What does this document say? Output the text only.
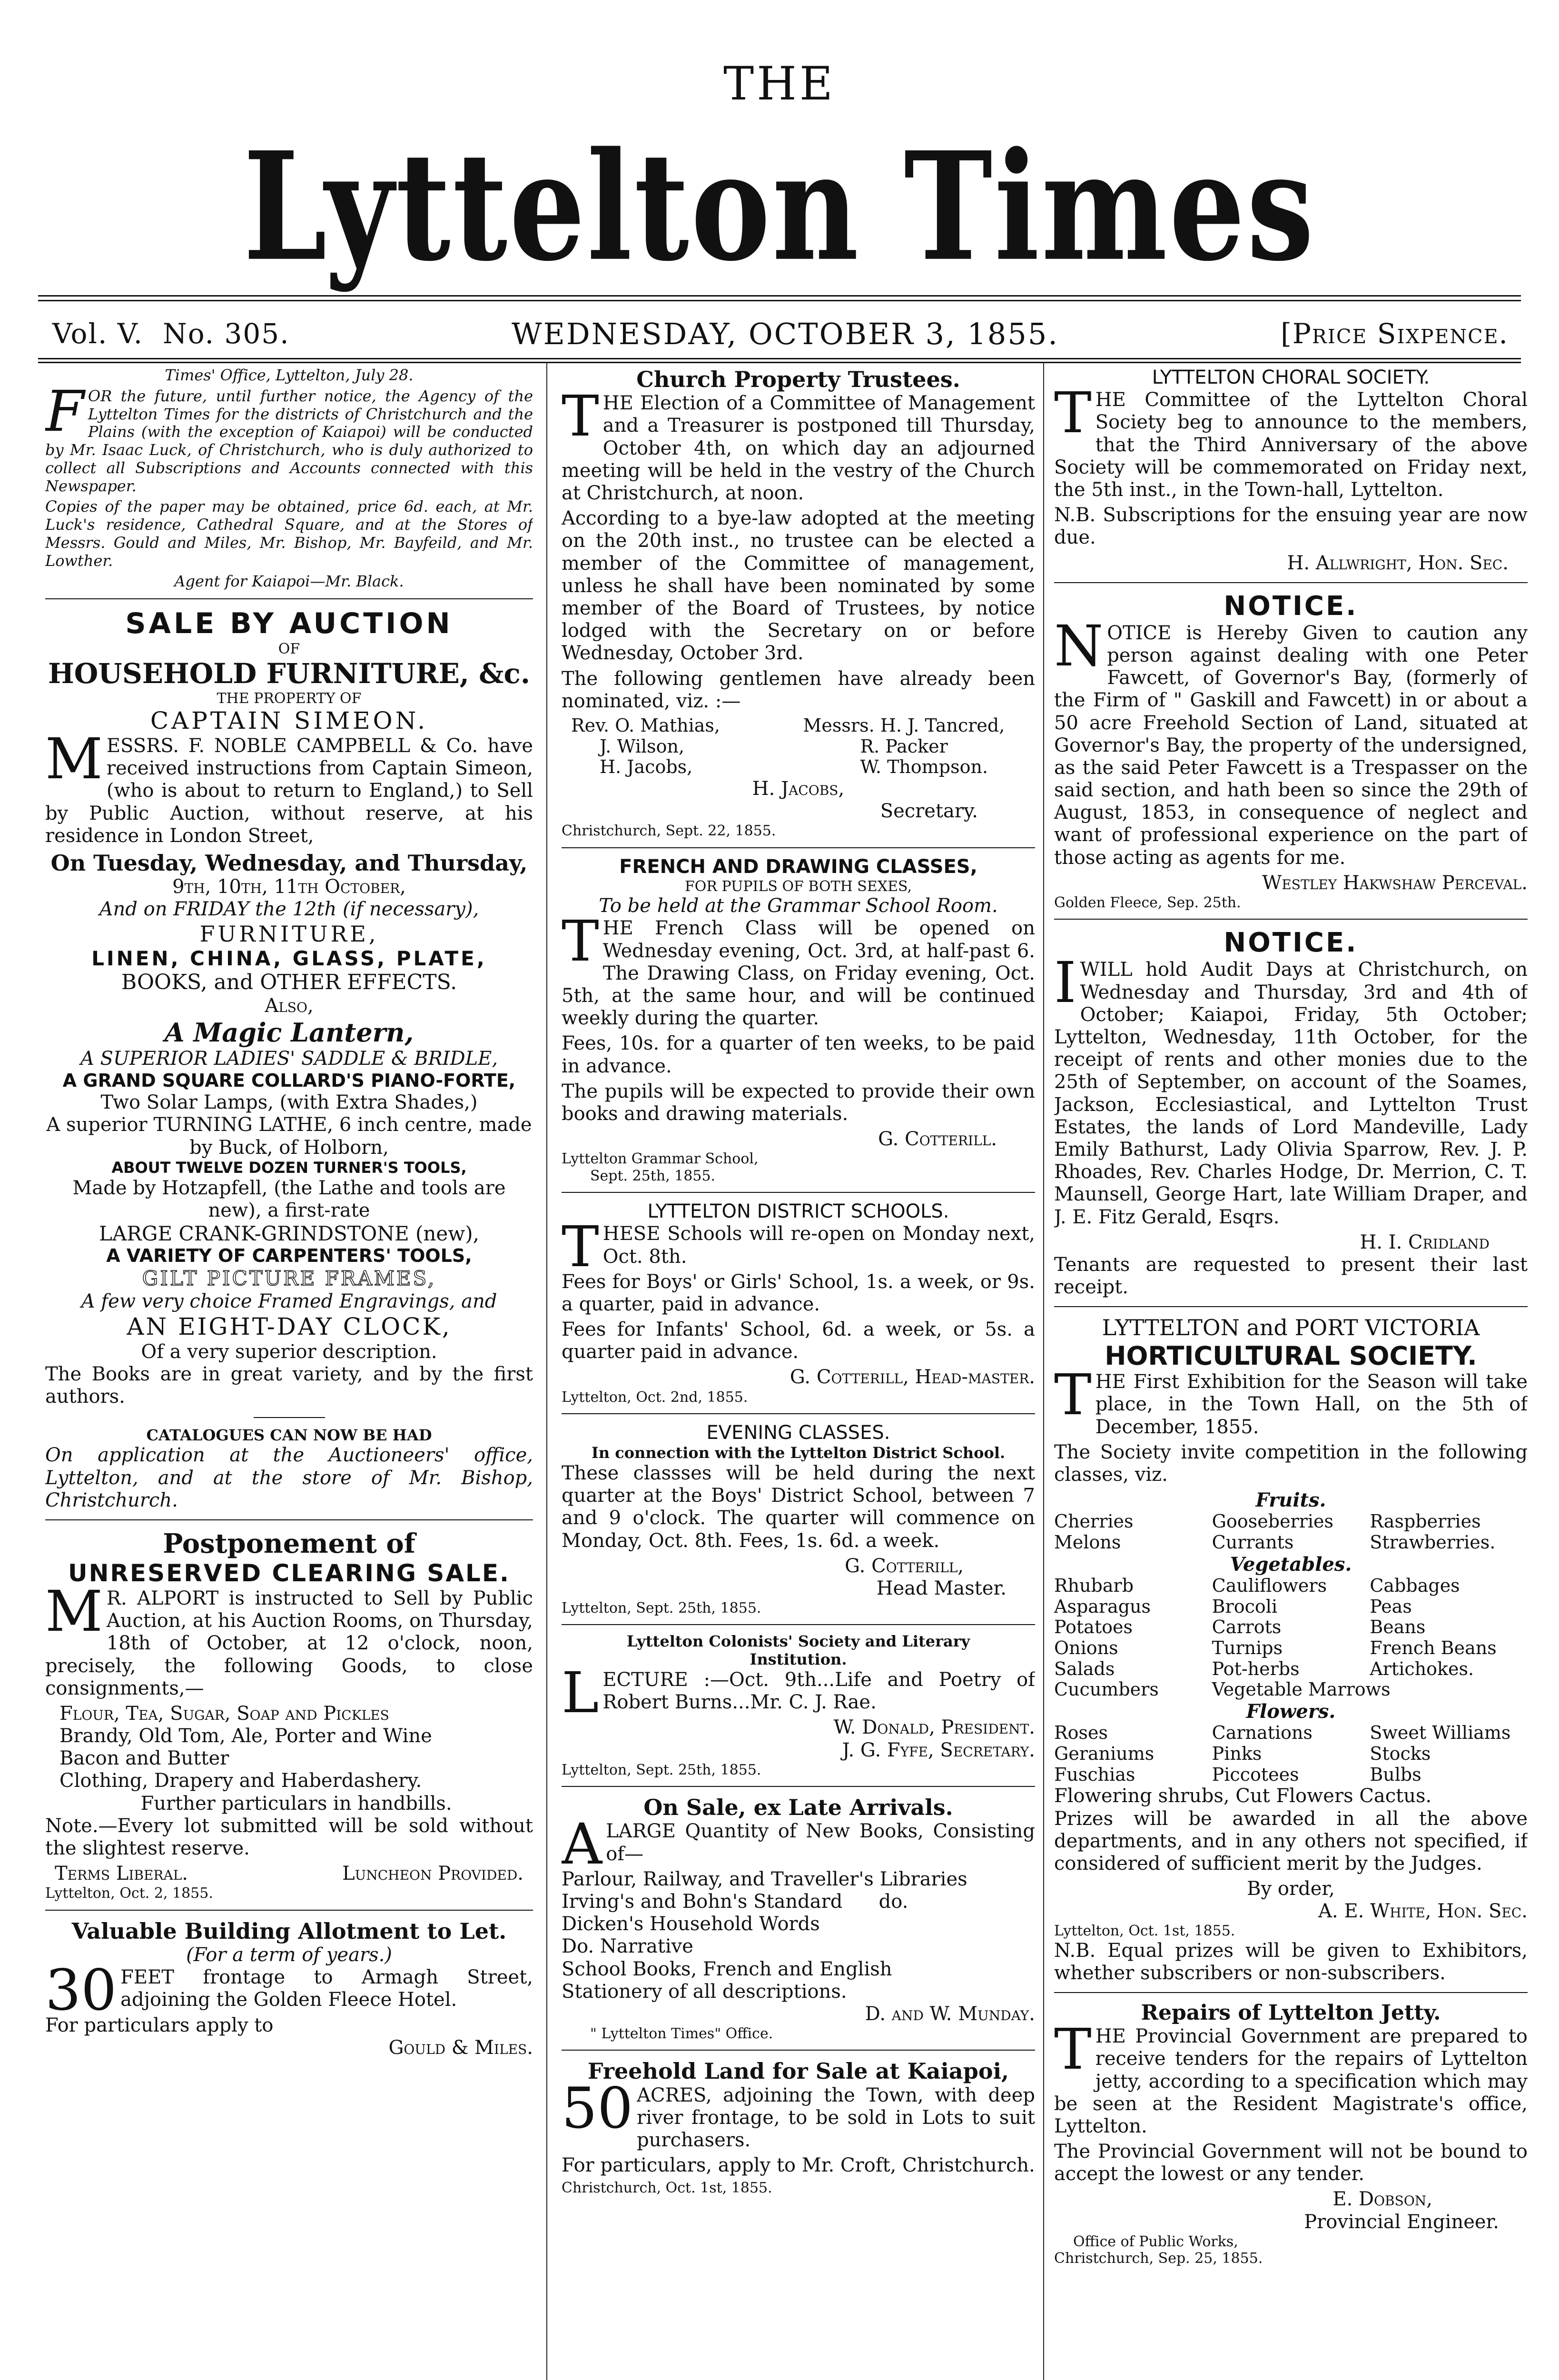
THE
Lyttelton Times
Vol. V. No. 305.	WEDNESDAY, OCTOBER 3, 1855.	[Price Sixpence.

Times' Office, Lyttelton, July 28.

FOR the future, until further notice, the Agency of the Lyttelton Times for the districts of Christchurch and the Plains (with the exception of Kaiapoi) will be conducted by Mr. Isaac Luck, of Christchurch, who is duly authorized to collect all Subscriptions and Accounts connected with this Newspaper.

Copies of the paper may be obtained, price 6d. each, at Mr. Luck's residence, Cathedral Square, and at the Stores of Messrs. Gould and Miles, Mr. Bishop, Mr. Bayfeild, and Mr. Lowther.

Agent for Kaiapoi—Mr. Black.

SALE BY AUCTION
OF
HOUSEHOLD FURNITURE, &c.
THE PROPERTY OF
CAPTAIN SIMEON.

MESSRS. F. NOBLE CAMPBELL & Co. have received instructions from Captain Simeon, (who is about to return to England,) to Sell by Public Auction, without reserve, at his residence in London Street,

On Tuesday, Wednesday, and Thursday,
9th, 10th, 11th October,
And on FRIDAY the 12th (if necessary),
FURNITURE,
LINEN, CHINA, GLASS, PLATE,
BOOKS, and OTHER EFFECTS.
Also,
A Magic Lantern,
A SUPERIOR LADIES' SADDLE & BRIDLE,
A GRAND SQUARE COLLARD'S PIANO-FORTE,
Two Solar Lamps, (with Extra Shades,)
A superior TURNING LATHE, 6 inch centre, made by Buck, of Holborn,
ABOUT TWELVE DOZEN TURNER'S TOOLS,
Made by Hotzapfell, (the Lathe and tools are new), a first-rate
LARGE CRANK-GRINDSTONE (new),
A VARIETY OF CARPENTERS' TOOLS,
GILT PICTURE FRAMES,
A few very choice Framed Engravings, and
AN EIGHT-DAY CLOCK,
Of a very superior description.

The Books are in great variety, and by the first authors.

CATALOGUES CAN NOW BE HAD

On application at the Auctioneers' office, Lyttelton, and at the store of Mr. Bishop, Christchurch.

Postponement of
UNRESERVED CLEARING SALE.

M R. ALPORT is instructed to Sell by Public Auction, at his Auction Rooms, on Thursday, 18th of October, at 12 o'clock, noon, precisely, the following Goods, to close consignments,—

Flour, Tea, Sugar, Soap and Pickles
Brandy, Old Tom, Ale, Porter and Wine
Bacon and Butter
Clothing, Drapery and Haberdashery.
Further particulars in handbills.

Note.—Every lot submitted will be sold without the slightest reserve.

Terms Liberal.	Luncheon Provided.
Lyttelton, Oct. 2, 1855.
Valuable Building Allotment to Let.
(For a term of years.)

30 FEET frontage to Armagh Street, adjoining the Golden Fleece Hotel.

For particulars apply to
Gould & Miles.
Church Property Trustees.

THE Election of a Committee of Management and a Treasurer is postponed till Thursday, October 4th, on which day an adjourned meeting will be held in the vestry of the Church at Christchurch, at noon.

According to a bye-law adopted at the meeting on the 20th inst., no trustee can be elected a member of the Committee of management, unless he shall have been nominated by some member of the Board of Trustees, by notice lodged with the Secretary on or before Wednesday, October 3rd.

The following gentlemen have already been nominated, viz. :—

Rev. O. Mathias,	Messrs. H. J. Tancred,
J. Wilson,	R. Packer
H. Jacobs,	W. Thompson.
H. Jacobs,
Secretary.
Christchurch, Sept. 22, 1855.
FRENCH AND DRAWING CLASSES,
FOR PUPILS OF BOTH SEXES,
To be held at the Grammar School Room.

THE French Class will be opened on Wednesday evening, Oct. 3rd, at half-past 6. The Drawing Class, on Friday evening, Oct. 5th, at the same hour, and will be continued weekly during the quarter.

Fees, 10s. for a quarter of ten weeks, to be paid in advance.

The pupils will be expected to provide their own books and drawing materials.

G. Cotterill.
Lyttelton Grammar School,
Sept. 25th, 1855.
LYTTELTON DISTRICT SCHOOLS.

THESE Schools will re-open on Monday next, Oct. 8th.

Fees for Boys' or Girls' School, 1s. a week, or 9s. a quarter, paid in advance.

Fees for Infants' School, 6d. a week, or 5s. a quarter paid in advance.

G. Cotterill, Head-master.
Lyttelton, Oct. 2nd, 1855.
EVENING CLASSES.
In connection with the Lyttelton District School.

These classses will be held during the next quarter at the Boys' District School, between 7 and 9 o'clock. The quarter will commence on Monday, Oct. 8th. Fees, 1s. 6d. a week.

G. Cotterill,
Head Master.
Lyttelton, Sept. 25th, 1855.
Lyttelton Colonists' Society and Literary
Institution.

LECTURE :—Oct. 9th...Life and Poetry of Robert Burns...Mr. C. J. Rae.

W. Donald, President.
J. G. Fyfe, Secretary.
Lyttelton, Sept. 25th, 1855.
On Sale, ex Late Arrivals.

ALARGE Quantity of New Books, Consisting of—

Parlour, Railway, and Traveller's Libraries
Irving's and Bohn's Standard do.
Dicken's Household Words
Do. Narrative
School Books, French and English
Stationery of all descriptions.
D. and W. Munday.
" Lyttelton Times" Office.
Freehold Land for Sale at Kaiapoi,

50 ACRES, adjoining the Town, with deep river frontage, to be sold in Lots to suit purchasers.

For particulars, apply to Mr. Croft, Christchurch.

Christchurch, Oct. 1st, 1855.
LYTTELTON CHORAL SOCIETY.

THE Committee of the Lyttelton Choral Society beg to announce to the members, that the Third Anniversary of the above Society will be commemorated on Friday next, the 5th inst., in the Town-hall, Lyttelton.

N.B. Subscriptions for the ensuing year are now due.

H. Allwright, Hon. Sec.
NOTICE.

NOTICE is Hereby Given to caution any person against dealing with one Peter Fawcett, of Governor's Bay, (formerly of the Firm of " Gaskill and Fawcett) in or about a 50 acre Freehold Section of Land, situated at Governor's Bay, the property of the undersigned, as the said Peter Fawcett is a Trespasser on the said section, and hath been so since the 29th of August, 1853, in consequence of neglect and want of professional experience on the part of those acting as agents for me.

Westley Hakwshaw Perceval.
Golden Fleece, Sep. 25th.
NOTICE.

IWILL hold Audit Days at Christchurch, on Wednesday and Thursday, 3rd and 4th of October; Kaiapoi, Friday, 5th October; Lyttelton, Wednesday, 11th October, for the receipt of rents and other monies due to the 25th of September, on account of the Soames, Jackson, Ecclesiastical, and Lyttelton Trust Estates, the lands of Lord Mandeville, Lady Emily Bathurst, Lady Olivia Sparrow, Rev. J. P. Rhoades, Rev. Charles Hodge, Dr. Merrion, C. T. Maunsell, George Hart, late William Draper, and J. E. Fitz Gerald, Esqrs.

H. I. Cridland

Tenants are requested to present their last receipt.

LYTTELTON and PORT VICTORIA
HORTICULTURAL SOCIETY.

THE First Exhibition for the Season will take place, in the Town Hall, on the 5th of December, 1855.

The Society invite competition in the following classes, viz.

Fruits.
Cherries	Gooseberries	Raspberries
Melons	Currants	Strawberries.
Vegetables.
Rhubarb	Cauliflowers	Cabbages
Asparagus	Brocoli	Peas
Potatoes	Carrots	Beans
Onions	Turnips	French Beans
Salads	Pot-herbs	Artichokes.
Cucumbers	Vegetable Marrows
Flowers.
Roses	Carnations	Sweet Williams
Geraniums	Pinks	Stocks
Fuschias	Piccotees	Bulbs
Flowering shrubs, Cut Flowers Cactus.

Prizes will be awarded in all the above departments, and in any others not specified, if considered of sufficient merit by the Judges.

By order,
A. E. White, Hon. Sec.
Lyttelton, Oct. 1st, 1855.

N.B. Equal prizes will be given to Exhibitors, whether subscribers or non-subscribers.

Repairs of Lyttelton Jetty.

THE Provincial Government are prepared to receive tenders for the repairs of Lyttelton jetty, according to a specification which may be seen at the Resident Magistrate's office, Lyttelton.

The Provincial Government will not be bound to accept the lowest or any tender.

E. Dobson,
Provincial Engineer.
Office of Public Works,
Christchurch, Sep. 25, 1855.
